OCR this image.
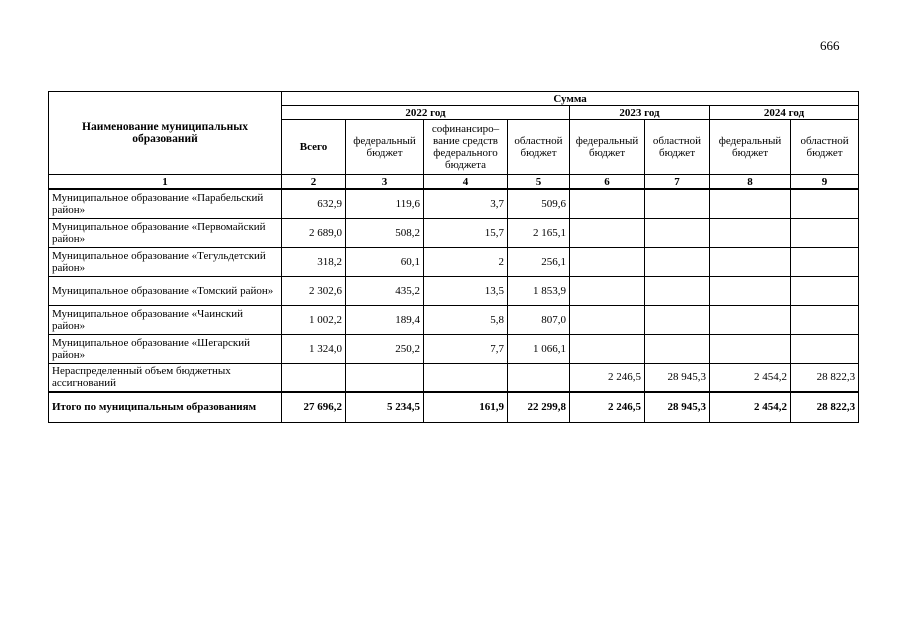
666
Наименование муниципальных образований	Сумма							
	2022 год				2023 год		2024 год	
	Всего	федеральный бюджет	софинансиро–вание средств федерального бюджета	областной бюджет	федеральный бюджет	областной бюджет	федеральный бюджет	областной бюджет
1	2	3	4	5	6	7	8	9
Муниципальное образование «Парабельский район»	632,9	119,6	3,7	509,6				
Муниципальное образование «Первомайский район»	2 689,0	508,2	15,7	2 165,1				
Муниципальное образование «Тегульдетский район»	318,2	60,1	2	256,1				
Муниципальное образование «Томский район»	2 302,6	435,2	13,5	1 853,9				
Муниципальное образование «Чаинский район»	1 002,2	189,4	5,8	807,0				
Муниципальное образование «Шегарский район»	1 324,0	250,2	7,7	1 066,1				
Нераспределенный объем бюджетных ассигнований					2 246,5	28 945,3	2 454,2	28 822,3
Итого по муниципальным образованиям	27 696,2	5 234,5	161,9	22 299,8	2 246,5	28 945,3	2 454,2	28 822,3
